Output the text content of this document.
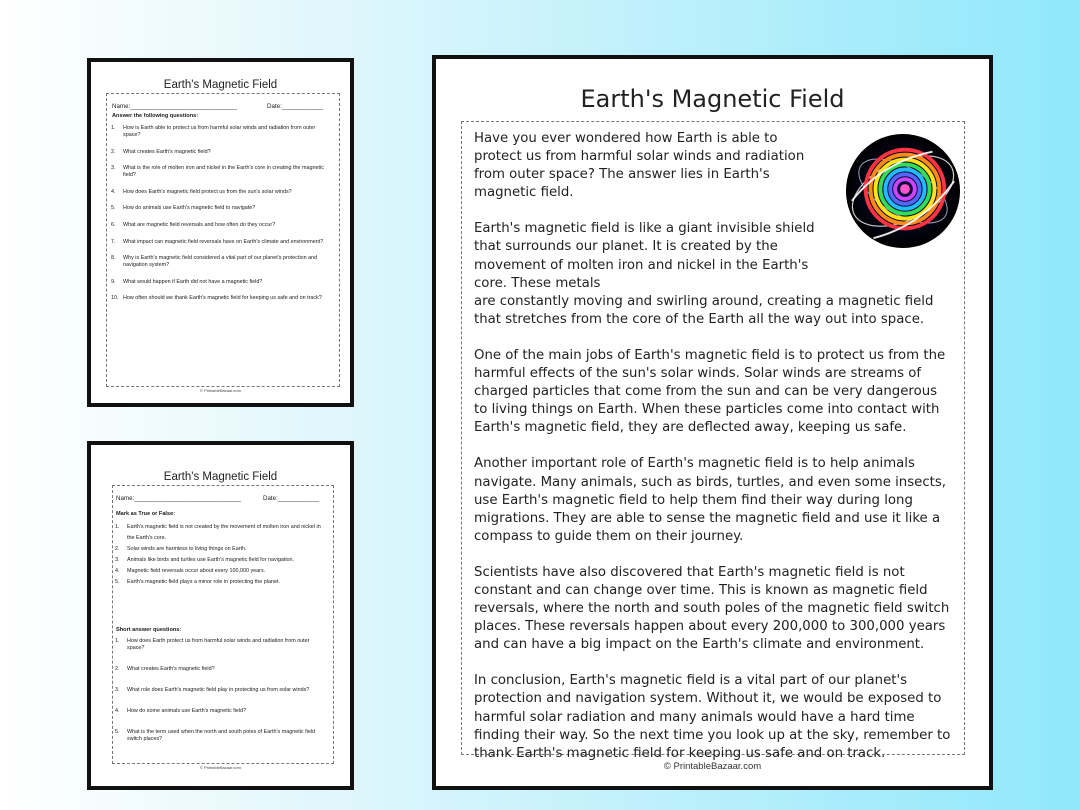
Earth's Magnetic Field

Have you ever wondered how Earth is able to protect us from harmful solar winds and radiation from outer space? The answer lies in Earth's magnetic field.

Earth's magnetic field is like a giant invisible shield that surrounds our planet. It is created by the movement of molten iron and nickel in the Earth's core. These metals

are constantly moving and swirling around, creating a magnetic field that stretches from the core of the Earth all the way out into space.

One of the main jobs of Earth's magnetic field is to protect us from the harmful effects of the sun's solar winds. Solar winds are streams of charged particles that come from the sun and can be very dangerous to living things on Earth. When these particles come into contact with Earth's magnetic field, they are deflected away, keeping us safe.

Another important role of Earth's magnetic field is to help animals navigate. Many animals, such as birds, turtles, and even some insects, use Earth's magnetic field to help them find their way during long migrations. They are able to sense the magnetic field and use it like a compass to guide them on their journey.

Scientists have also discovered that Earth's magnetic field is not constant and can change over time. This is known as magnetic field reversals, where the north and south poles of the magnetic field switch places. These reversals happen about every 200,000 to 300,000 years and can have a big impact on the Earth's climate and environment.

In conclusion, Earth's magnetic field is a vital part of our planet's protection and navigation system. Without it, we would be exposed to harmful solar radiation and many animals would have a hard time finding their way. So the next time you look up at the sky, remember to thank Earth's magnetic field for keeping us safe and on track.

© PrintableBazaar.com
Earth's Magnetic Field
Name:_______________________________	Date:____________
Answer the following questions:
1. How is Earth able to protect us from harmful solar winds and radiation from outer space?
2. What creates Earth's magnetic field?
3. What is the role of molten iron and nickel in the Earth's core in creating the magnetic field?
4. How does Earth's magnetic field protect us from the sun's solar winds?
5. How do animals use Earth's magnetic field to navigate?
6. What are magnetic field reversals and how often do they occur?
7. What impact can magnetic field reversals have on Earth's climate and environment?
8. Why is Earth's magnetic field considered a vital part of our planet's protection and navigation system?
9. What would happen if Earth did not have a magnetic field?
10. How often should we thank Earth's magnetic field for keeping us safe and on track?
© PrintableBazaar.com
Earth's Magnetic Field
Name:_______________________________	Date:____________
Mark as True or False:
1. Earth's magnetic field is not created by the movement of molten iron and nickel in the Earth's core.
2. Solar winds are harmless to living things on Earth.
3. Animals like birds and turtles use Earth's magnetic field for navigation.
4. Magnetic field reversals occur about every 100,000 years.
5. Earth's magnetic field plays a minor role in protecting the planet.
Short answer questions:
1. How does Earth protect us from harmful solar winds and radiation from outer space?
2. What creates Earth's magnetic field?
3. What role does Earth's magnetic field play in protecting us from solar winds?
4. How do some animals use Earth's magnetic field?
5. What is the term used when the north and south poles of Earth's magnetic field switch places?
© PrintableBazaar.com
